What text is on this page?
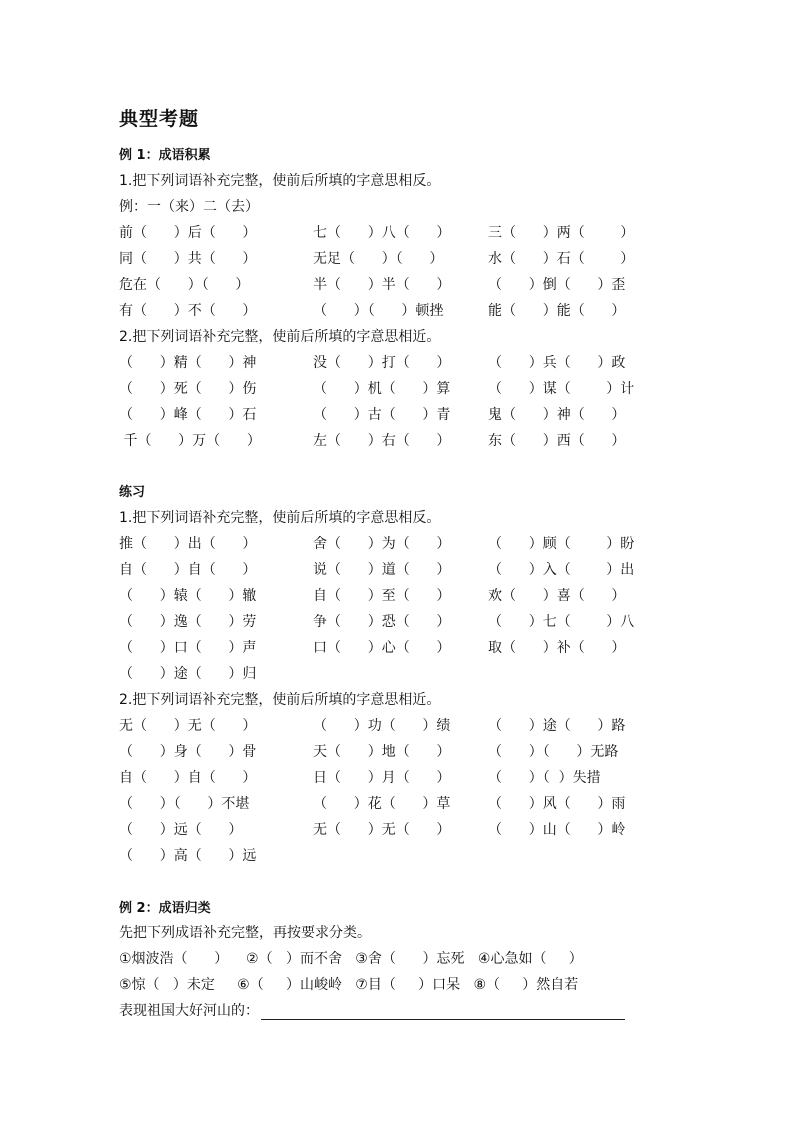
典型考题
例 1：成语积累
1.把下列词语补充完整，使前后所填的字意思相反。
例：一（来）二（去）
前（      ）后（      ）	七（      ）八（      ）	三（      ）两（        ）
同（      ）共（      ）	无足（      ）（      ）	水（      ）石（        ）
危在（      ）（      ）	半（      ）半（      ）	（      ）倒（      ）歪
有（      ）不（      ）	（      ）（      ）顿挫	能（      ）能（      ）
2.把下列词语补充完整，使前后所填的字意思相近。
（      ）精（      ）神	没（      ）打（      ）	（      ）兵（      ）政
（      ）死（      ）伤	（      ）机（      ）算	（      ）谋（        ）计
（      ）峰（      ）石	（      ）古（      ）青	鬼（      ）神（      ）
千（      ）万（      ）	左（      ）右（      ）	东（      ）西（      ）
练习
1.把下列词语补充完整，使前后所填的字意思相反。
推（      ）出（      ）	舍（      ）为（      ）	（      ）顾（        ）盼
自（      ）自（      ）	说（      ）道（      ）	（      ）入（        ）出
（      ）辕（      ）辙	自（      ）至（      ）	欢（      ）喜（      ）
（      ）逸（      ）劳	争（      ）恐（      ）	（      ）七（        ）八
（      ）口（      ）声	口（      ）心（      ）	取（      ）补（      ）
（      ）途（      ）归
2.把下列词语补充完整，使前后所填的字意思相近。
无（      ）无（      ）	（      ）功（      ）绩	（      ）途（      ）路
（      ）身（      ）骨	天（      ）地（      ）	（      ）（      ）无路
自（      ）自（      ）	日（      ）月（      ）	（      ）（  ）失措
（      ）（      ）不堪	（      ）花（      ）草	（      ）风（      ）雨
（      ）远（      ）	无（      ）无（      ）	（      ）山（      ）岭
（      ）高（      ）远
例 2：成语归类
先把下列成语补充完整，再按要求分类。
①烟波浩（      ）    ②（   ）而不舍   ③舍（      ）忘死   ④心急如（     ）
⑤惊（   ）未定     ⑥（     ）山峻岭   ⑦目（     ）口呆   ⑧（     ）然自若
表现祖国大好河山的：
